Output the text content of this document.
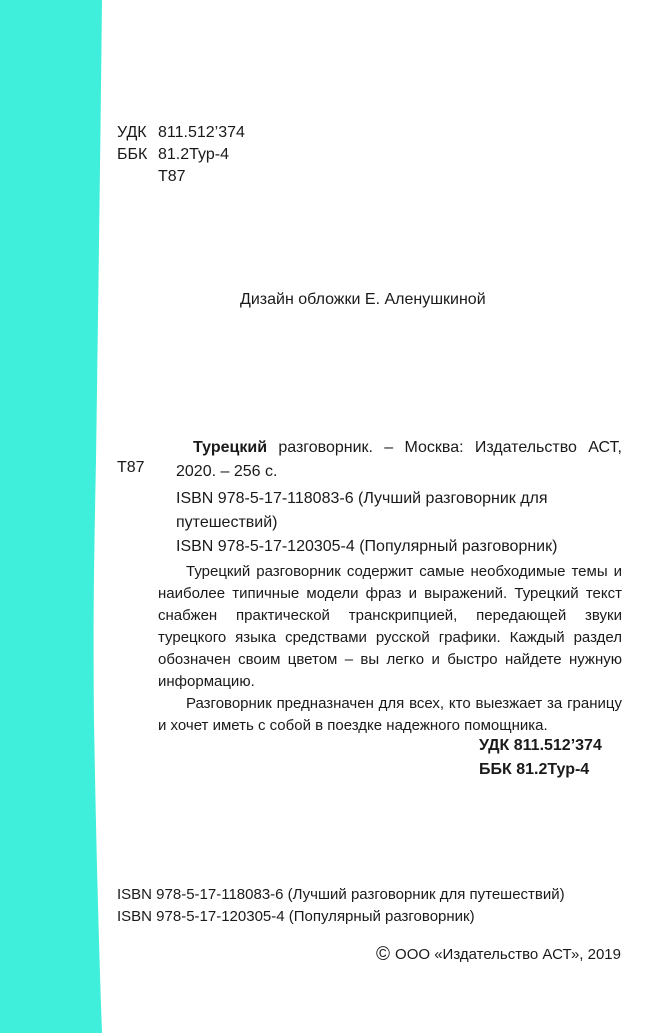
УДК 811.512’374
ББК 81.2Тур-4
Т87
Дизайн обложки Е. Аленушкиной
Т87
Турецкий разговорник. – Москва: Издательство АСТ,
2020. – 256 с.
ISBN 978-5-17-118083-6 (Лучший разговорник для
путешествий)
ISBN 978-5-17-120305-4 (Популярный разговорник)

Турецкий разговорник содержит самые необходимые темы и наиболее типичные модели фраз и выражений. Турецкий текст снабжен практической транскрипцией, передающей звуки турецкого языка средствами русской графики. Каждый раздел обозначен своим цветом – вы легко и быстро найдете нужную информацию.

Разговорник предназначен для всех, кто выезжает за границу и хочет иметь с собой в поездке надежного помощника.

УДК 811.512’374
ББК 81.2Тур-4
ISBN 978-5-17-118083-6 (Лучший разговорник для путешествий)
ISBN 978-5-17-120305-4 (Популярный разговорник)
© ООО «Издательство АСТ», 2019
